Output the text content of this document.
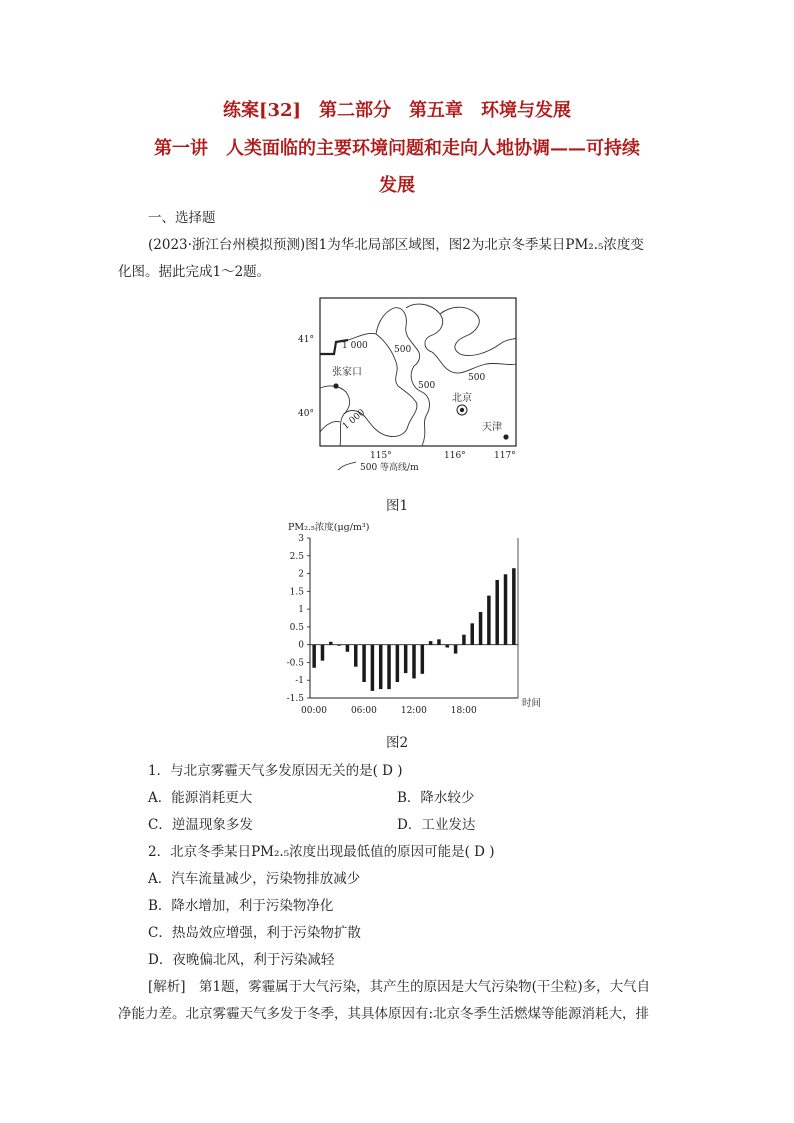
练案[32]　第二部分　第五章　环境与发展
第一讲　人类面临的主要环境问题和走向人地协调——可持续
发展
一、选择题
(2023·浙江台州模拟预测)图1为华北局部区域图，图2为北京冬季某日PM₂.₅浓度变
化图。据此完成1～2题。
1 000	500
500
500
1 000
41°
40°
115°	116°	117°
张家口
北京
天津
500 等高线/m
图1
PM₂.₅浓度(μg/m³)
3
2.5
2
1.5
1
0.5
0
-0.5
-1
-1.5
00:00	06:00	12:00	18:00
时间
图2
1．与北京雾霾天气多发原因无关的是( D )
A．能源消耗更大	B．降水较少
C．逆温现象多发	D．工业发达
2．北京冬季某日PM₂.₅浓度出现最低值的原因可能是( D )
A．汽车流量减少，污染物排放减少
B．降水增加，利于污染物净化
C．热岛效应增强，利于污染物扩散
D．夜晚偏北风，利于污染减轻
[解析]　第1题，雾霾属于大气污染，其产生的原因是大气污染物(干尘粒)多，大气自
净能力差。北京雾霾天气多发于冬季，其具体原因有:北京冬季生活燃煤等能源消耗大，排
